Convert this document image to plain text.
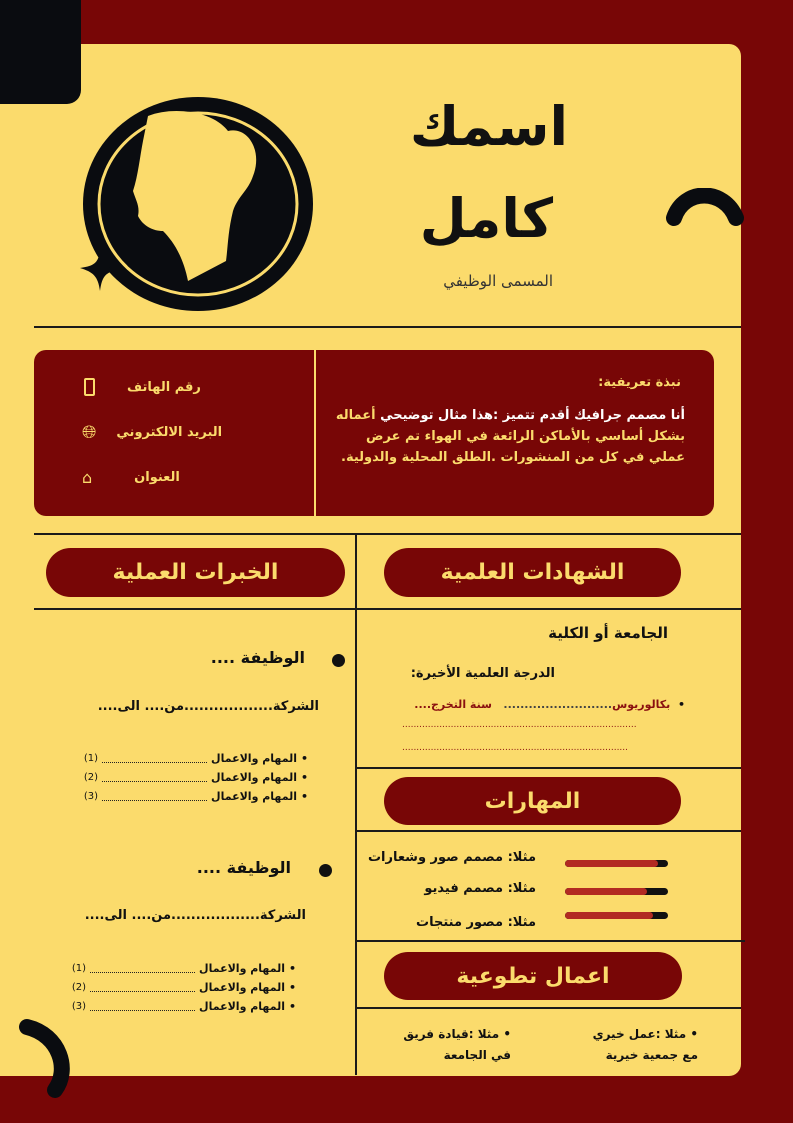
اسمك
كامل
المسمى الوظيفي
رقم الهاتف
🌐︎ البريد الالكتروني
⌂	العنوان
نبذة تعريفية:
أنا مصمم جرافيك أقدم تتميز :هذا مثال توضيحي أعماله بشكل أساسي بالأماكن الرائعة في الهواء تم عرض عملي في كل من المنشورات .الطلق المحلية والدولية.
الشهادات العلمية
الخبرات العملية
الجامعة أو الكلية
الدرجة العلمية الأخيرة:
•  بكالوريوس..........................   سنة التخرج....
..................................................................................
...............................................................................
المهارات
مثلا: مصمم صور وشعارات
مثلا: مصمم فيديو
مثلا: مصور منتجات
اعمال تطوعية
• مثلا :عمل خيري مع جمعية خيرية
• مثلا :قيادة فريق في الجامعة
الوظيفة ....
الشركة..................من.... الى....
•
المهام والاعمال
(1)
•
المهام والاعمال
(2)
•
المهام والاعمال
(3)
الوظيفة ....
الشركة..................من.... الى....
•
المهام والاعمال
(1)
•
المهام والاعمال
(2)
•
المهام والاعمال
(3)
